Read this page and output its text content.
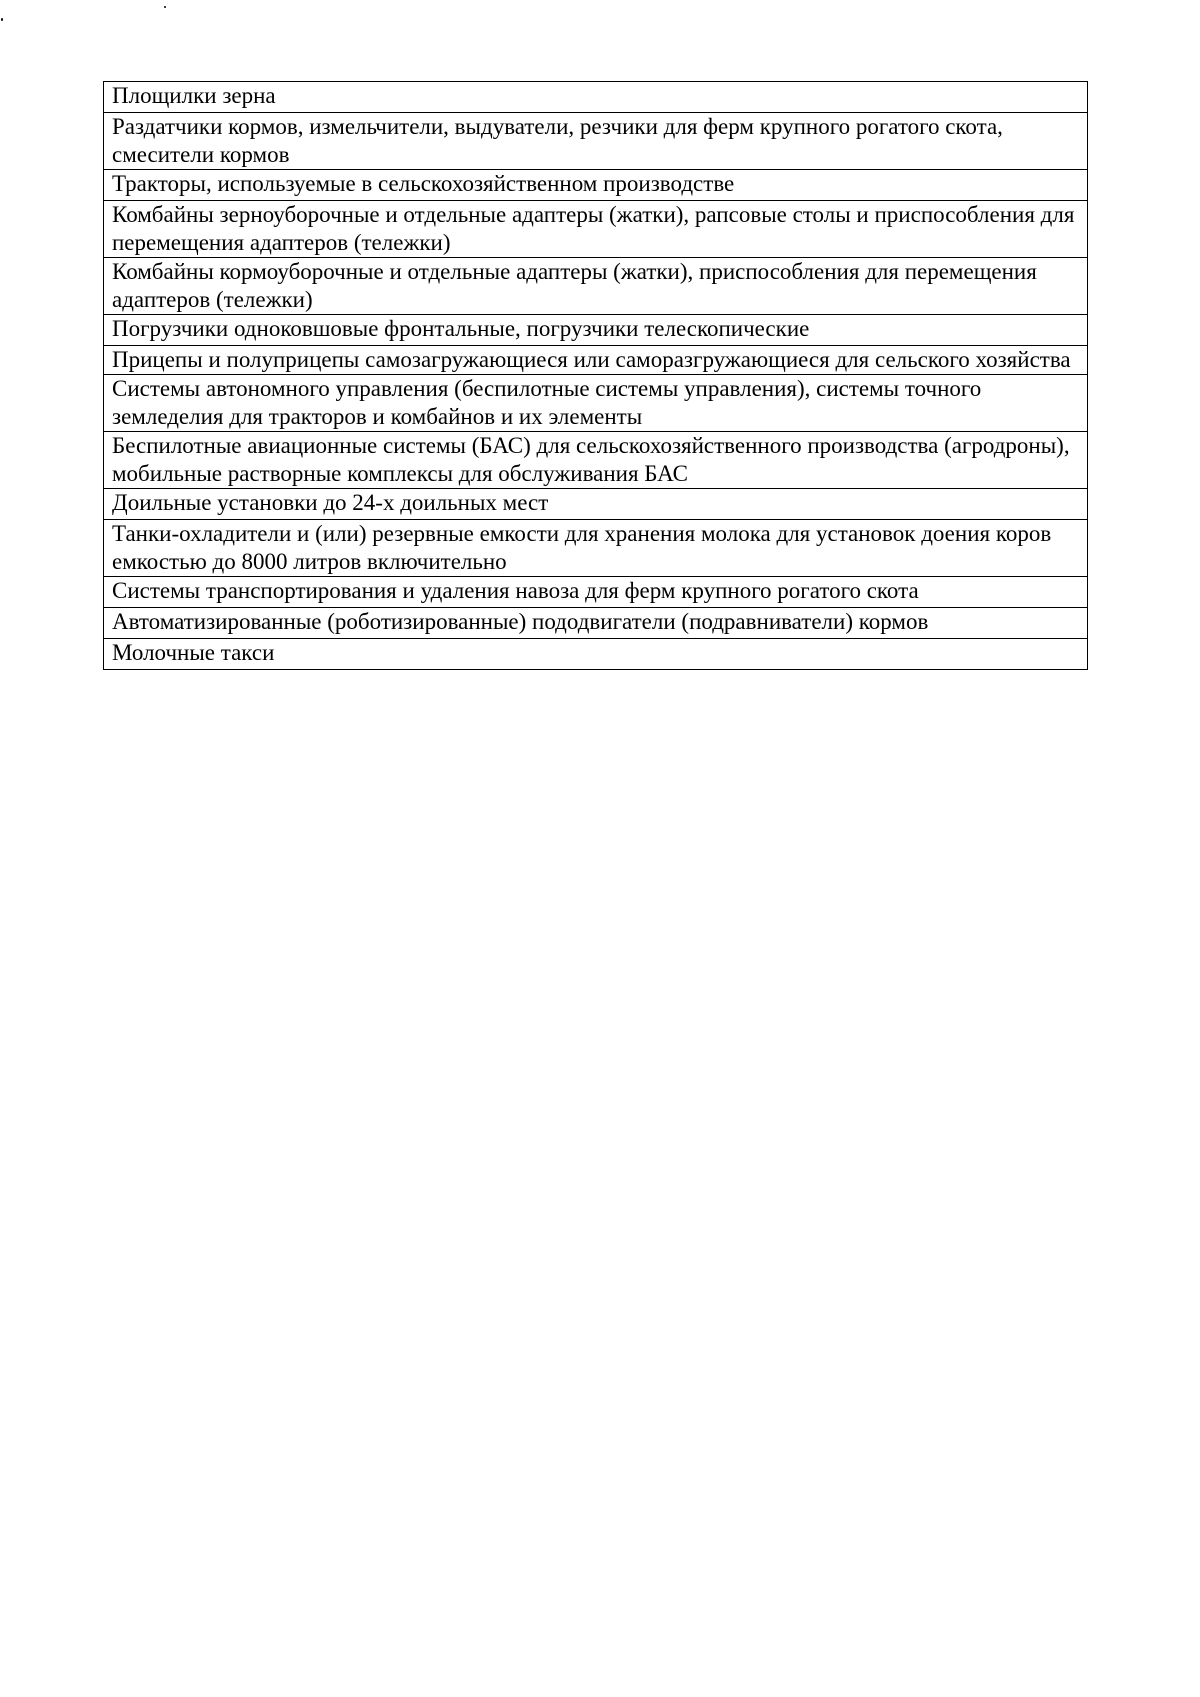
Площилки зерна
Раздатчики кормов, измельчители, выдуватели, резчики для ферм крупного рогатого скота, смесители кормов
Тракторы, используемые в сельскохозяйственном производстве
Комбайны зерноуборочные и отдельные адаптеры (жатки), рапсовые столы и приспособления для перемещения адаптеров (тележки)
Комбайны кормоуборочные и отдельные адаптеры (жатки), приспособления для перемещения адаптеров (тележки)
Погрузчики одноковшовые фронтальные, погрузчики телескопические
Прицепы и полуприцепы самозагружающиеся или саморазгружающиеся для сельского хозяйства
Системы автономного управления (беспилотные системы управления), системы точного земледелия для тракторов и комбайнов и их элементы
Беспилотные авиационные системы (БАС) для сельскохозяйственного производства (агродроны), мобильные растворные комплексы для обслуживания БАС
Доильные установки до 24-х доильных мест
Танки-охладители и (или) резервные емкости для хранения молока для установок доения коров емкостью до 8000 литров включительно
Системы транспортирования и удаления навоза для ферм крупного рогатого скота
Автоматизированные (роботизированные) пододвигатели (подравниватели) кормов
Молочные такси
